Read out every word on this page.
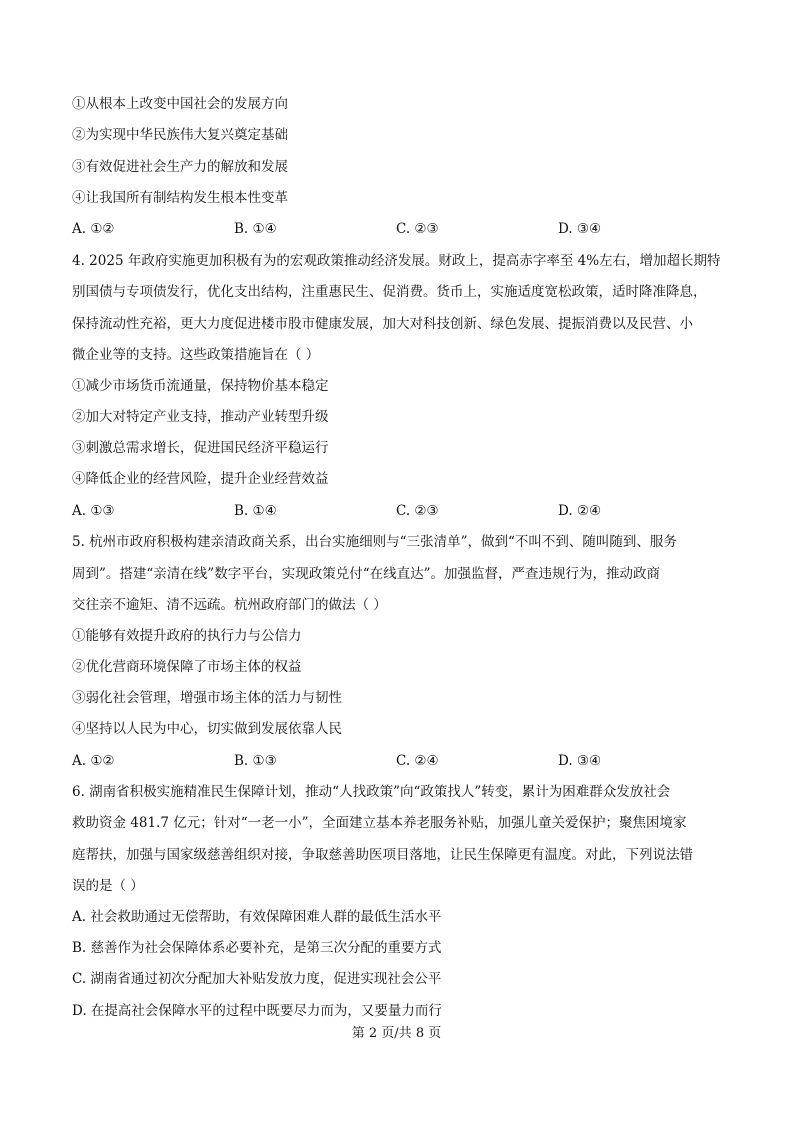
①从根本上改变中国社会的发展方向
②为实现中华民族伟大复兴奠定基础
③有效促进社会生产力的解放和发展
④让我国所有制结构发生根本性变革
A. ①②	B. ①④	C. ②③	D. ③④
4. 2025 年政府实施更加积极有为的宏观政策推动经济发展。财政上，提高赤字率至 4%左右，增加超长期特
别国债与专项债发行，优化支出结构，注重惠民生、促消费。货币上，实施适度宽松政策，适时降准降息，
保持流动性充裕，更大力度促进楼市股市健康发展，加大对科技创新、绿色发展、提振消费以及民营、小
微企业等的支持。这些政策措施旨在（ ）
①减少市场货币流通量，保持物价基本稳定
②加大对特定产业支持，推动产业转型升级
③刺激总需求增长，促进国民经济平稳运行
④降低企业的经营风险，提升企业经营效益
A. ①③	B. ①④	C. ②③	D. ②④
5. 杭州市政府积极构建亲清政商关系，出台实施细则与“三张清单”，做到“不叫不到、随叫随到、服务
周到”。搭建“亲清在线”数字平台，实现政策兑付“在线直达”。加强监督，严查违规行为，推动政商
交往亲不逾矩、清不远疏。杭州政府部门的做法（ ）
①能够有效提升政府的执行力与公信力
②优化营商环境保障了市场主体的权益
③弱化社会管理，增强市场主体的活力与韧性
④坚持以人民为中心，切实做到发展依靠人民
A. ①②	B. ①③	C. ②④	D. ③④
6. 湖南省积极实施精准民生保障计划，推动“人找政策”向“政策找人”转变，累计为困难群众发放社会
救助资金 481.7 亿元；针对“一老一小”，全面建立基本养老服务补贴，加强儿童关爱保护；聚焦困境家
庭帮扶，加强与国家级慈善组织对接，争取慈善助医项目落地，让民生保障更有温度。对此，下列说法错
误的是（ ）
A. 社会救助通过无偿帮助，有效保障困难人群的最低生活水平
B. 慈善作为社会保障体系必要补充，是第三次分配的重要方式
C. 湖南省通过初次分配加大补贴发放力度，促进实现社会公平
D. 在提高社会保障水平的过程中既要尽力而为，又要量力而行
第 2 页/共 8 页
